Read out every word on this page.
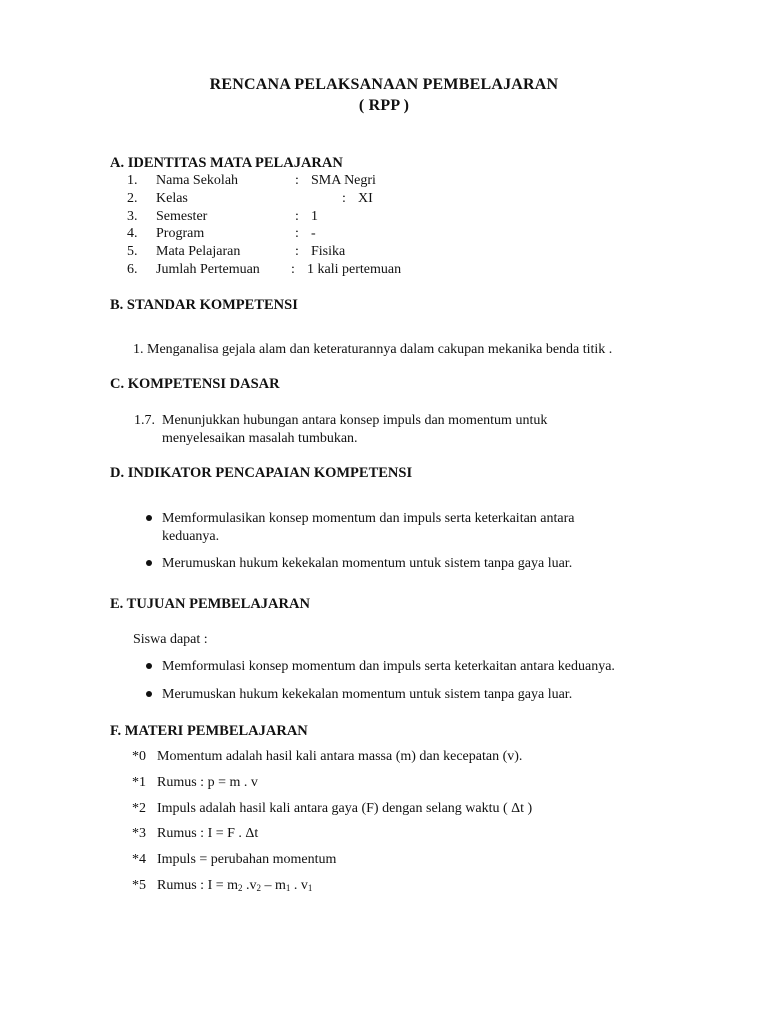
RENCANA PELAKSANAAN PEMBELAJARAN
( RPP )
A. IDENTITAS MATA PELAJARAN
1. Nama Sekolah	: SMA Negri
2. Kelas	: XI
3. Semester	: 1
4. Program	: -
5. Mata Pelajaran	: Fisika
6. Jumlah Pertemuan : 1 kali pertemuan
B. STANDAR KOMPETENSI
1. Menganalisa gejala alam dan keteraturannya dalam cakupan mekanika benda titik .
C. KOMPETENSI DASAR
1.7. Menunjukkan hubungan antara konsep impuls dan momentum untuk
menyelesaikan masalah tumbukan.
D. INDIKATOR PENCAPAIAN KOMPETENSI
Memformulasikan konsep momentum dan impuls serta keterkaitan antara
keduanya.
Merumuskan hukum kekekalan momentum untuk sistem tanpa gaya luar.
E. TUJUAN PEMBELAJARAN
Siswa dapat :
Memformulasi konsep momentum dan impuls serta keterkaitan antara keduanya.
Merumuskan hukum kekekalan momentum untuk sistem tanpa gaya luar.
F. MATERI PEMBELAJARAN
*0 Momentum adalah hasil kali antara massa (m) dan kecepatan (v).
*1 Rumus : p = m . v
*2 Impuls adalah hasil kali antara gaya (F) dengan selang waktu ( Δt )
*3 Rumus : I = F . Δt
*4 Impuls = perubahan momentum
*5 Rumus : $I = m_2$ $.v_2 - m_1$ . $v_1$
